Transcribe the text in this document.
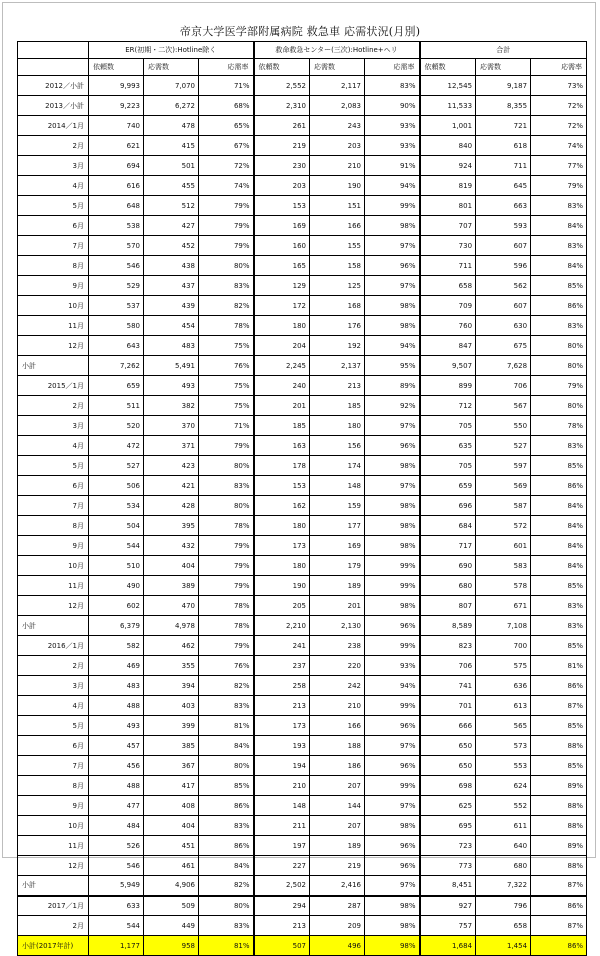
帝京大学医学部附属病院 救急車 応需状況(月別)
	ER(初期・二次):Hotline除く			救命救急センター(三次):Hotline+ヘリ			合計		
	依頼数	応需数	応需率	依頼数	応需数	応需率	依頼数	応需数	応需率
2012／小計	9,993	7,070	71%	2,552	2,117	83%	12,545	9,187	73%
2013／小計	9,223	6,272	68%	2,310	2,083	90%	11,533	8,355	72%
2014／1月	740	478	65%	261	243	93%	1,001	721	72%
2月	621	415	67%	219	203	93%	840	618	74%
3月	694	501	72%	230	210	91%	924	711	77%
4月	616	455	74%	203	190	94%	819	645	79%
5月	648	512	79%	153	151	99%	801	663	83%
6月	538	427	79%	169	166	98%	707	593	84%
7月	570	452	79%	160	155	97%	730	607	83%
8月	546	438	80%	165	158	96%	711	596	84%
9月	529	437	83%	129	125	97%	658	562	85%
10月	537	439	82%	172	168	98%	709	607	86%
11月	580	454	78%	180	176	98%	760	630	83%
12月	643	483	75%	204	192	94%	847	675	80%
小計	7,262	5,491	76%	2,245	2,137	95%	9,507	7,628	80%
2015／1月	659	493	75%	240	213	89%	899	706	79%
2月	511	382	75%	201	185	92%	712	567	80%
3月	520	370	71%	185	180	97%	705	550	78%
4月	472	371	79%	163	156	96%	635	527	83%
5月	527	423	80%	178	174	98%	705	597	85%
6月	506	421	83%	153	148	97%	659	569	86%
7月	534	428	80%	162	159	98%	696	587	84%
8月	504	395	78%	180	177	98%	684	572	84%
9月	544	432	79%	173	169	98%	717	601	84%
10月	510	404	79%	180	179	99%	690	583	84%
11月	490	389	79%	190	189	99%	680	578	85%
12月	602	470	78%	205	201	98%	807	671	83%
小計	6,379	4,978	78%	2,210	2,130	96%	8,589	7,108	83%
2016／1月	582	462	79%	241	238	99%	823	700	85%
2月	469	355	76%	237	220	93%	706	575	81%
3月	483	394	82%	258	242	94%	741	636	86%
4月	488	403	83%	213	210	99%	701	613	87%
5月	493	399	81%	173	166	96%	666	565	85%
6月	457	385	84%	193	188	97%	650	573	88%
7月	456	367	80%	194	186	96%	650	553	85%
8月	488	417	85%	210	207	99%	698	624	89%
9月	477	408	86%	148	144	97%	625	552	88%
10月	484	404	83%	211	207	98%	695	611	88%
11月	526	451	86%	197	189	96%	723	640	89%
12月	546	461	84%	227	219	96%	773	680	88%
小計	5,949	4,906	82%	2,502	2,416	97%	8,451	7,322	87%
2017／1月	633	509	80%	294	287	98%	927	796	86%
2月	544	449	83%	213	209	98%	757	658	87%
小計(2017年計)	1,177	958	81%	507	496	98%	1,684	1,454	86%
